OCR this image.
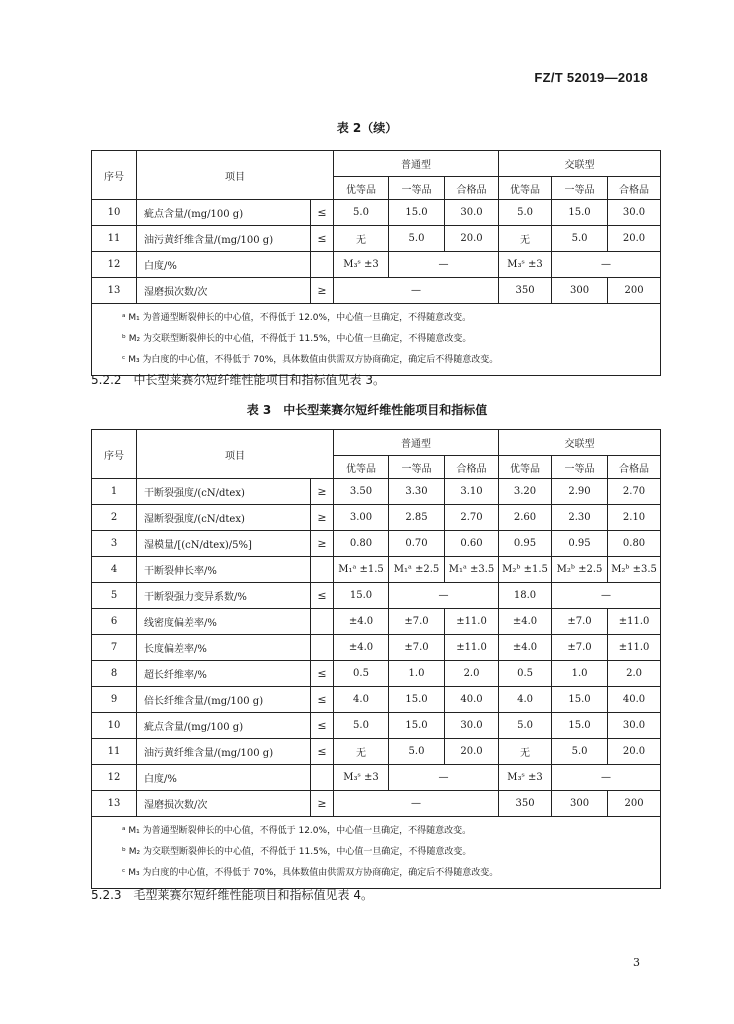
FZ/T 52019—2018
表 2（续）
序号	项目		普通型			交联型		
			优等品	一等品	合格品	优等品	一等品	合格品
10	疵点含量/(mg/100 g)	≤	5.0	15.0	30.0	5.0	15.0	30.0
11	油污黄纤维含量/(mg/100 g)	≤	无	5.0	20.0	无	5.0	20.0
12	白度/%		M₃ˢ ±3	—		M₃ˢ ±3	—	
13	湿磨损次数/次	≥	—			350	300	200

ᵃ M₁ 为普通型断裂伸长的中心值，不得低于 12.0%，中心值一旦确定，不得随意改变。
ᵇ M₂ 为交联型断裂伸长的中心值，不得低于 11.5%，中心值一旦确定，不得随意改变。
ᶜ M₃ 为白度的中心值，不得低于 70%，具体数值由供需双方协商确定，确定后不得随意改变。								
5.2.2　中长型莱赛尔短纤维性能项目和指标值见表 3。
表 3　中长型莱赛尔短纤维性能项目和指标值
序号	项目		普通型			交联型		
			优等品	一等品	合格品	优等品	一等品	合格品
1	干断裂强度/(cN/dtex)	≥	3.50	3.30	3.10	3.20	2.90	2.70
2	湿断裂强度/(cN/dtex)	≥	3.00	2.85	2.70	2.60	2.30	2.10
3	湿模量/[(cN/dtex)/5%]	≥	0.80	0.70	0.60	0.95	0.95	0.80
4	干断裂伸长率/%		M₁ᵃ ±1.5	M₁ᵃ ±2.5	M₁ᵃ ±3.5	M₂ᵇ ±1.5	M₂ᵇ ±2.5	M₂ᵇ ±3.5
5	干断裂强力变异系数/%	≤	15.0	—		18.0	—	
6	线密度偏差率/%		±4.0	±7.0	±11.0	±4.0	±7.0	±11.0
7	长度偏差率/%		±4.0	±7.0	±11.0	±4.0	±7.0	±11.0
8	超长纤维率/%	≤	0.5	1.0	2.0	0.5	1.0	2.0
9	倍长纤维含量/(mg/100 g)	≤	4.0	15.0	40.0	4.0	15.0	40.0
10	疵点含量/(mg/100 g)	≤	5.0	15.0	30.0	5.0	15.0	30.0
11	油污黄纤维含量/(mg/100 g)	≤	无	5.0	20.0	无	5.0	20.0
12	白度/%		M₃ˢ ±3	—		M₃ˢ ±3	—	
13	湿磨损次数/次	≥	—			350	300	200

ᵃ M₁ 为普通型断裂伸长的中心值，不得低于 12.0%，中心值一旦确定，不得随意改变。
ᵇ M₂ 为交联型断裂伸长的中心值，不得低于 11.5%，中心值一旦确定，不得随意改变。
ᶜ M₃ 为白度的中心值，不得低于 70%，具体数值由供需双方协商确定，确定后不得随意改变。								
5.2.3　毛型莱赛尔短纤维性能项目和指标值见表 4。
3
